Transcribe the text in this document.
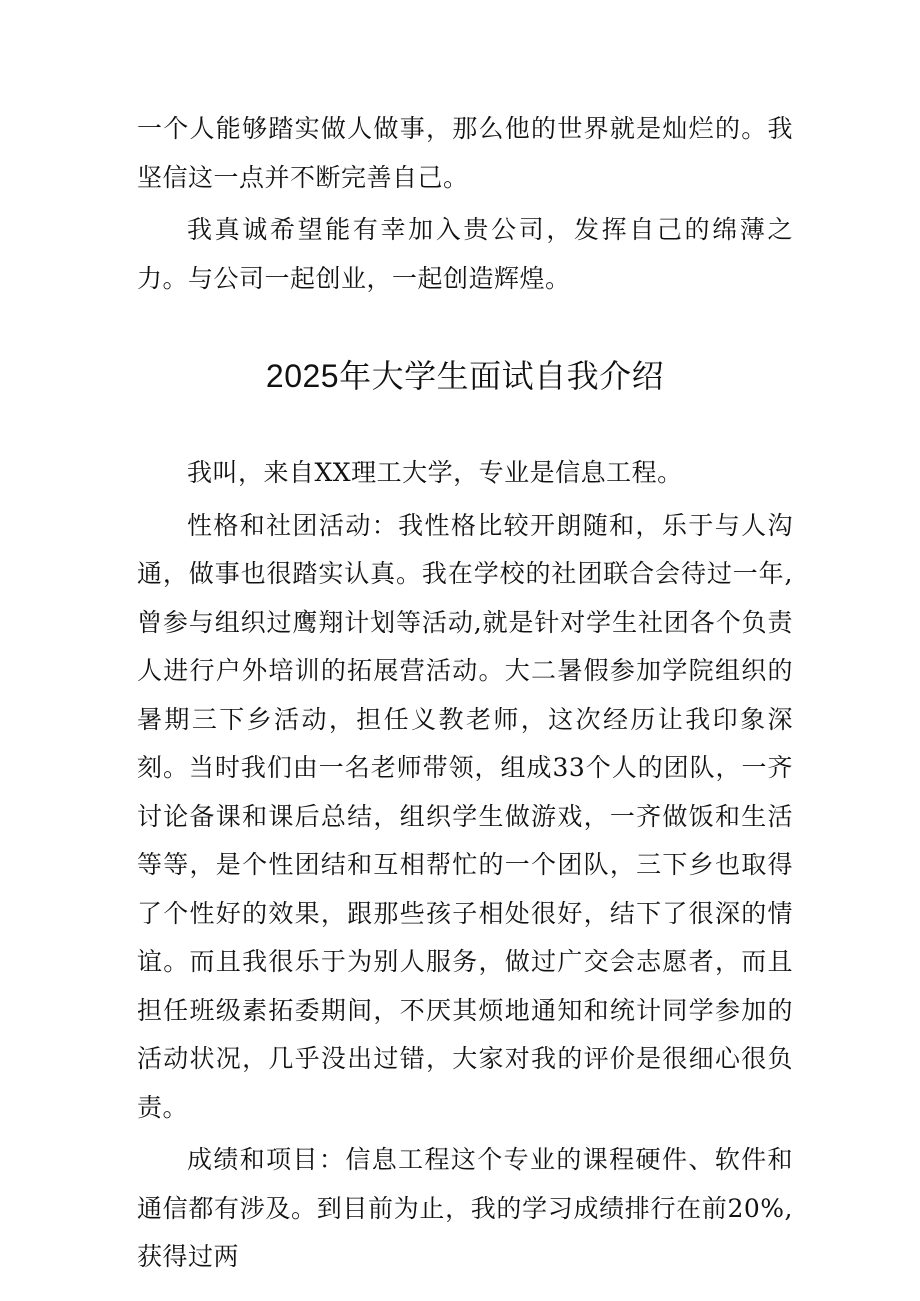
一个人能够踏实做人做事，那么他的世界就是灿烂的。我坚信这一点并不断完善自己。

我真诚希望能有幸加入贵公司，发挥自己的绵薄之力。与公司一起创业，一起创造辉煌。

2025年大学生面试自我介绍

我叫，来自XX理工大学，专业是信息工程。

性格和社团活动：我性格比较开朗随和，乐于与人沟通，做事也很踏实认真。我在学校的社团联合会待过一年,曾参与组织过鹰翔计划等活动,就是针对学生社团各个负责人进行户外培训的拓展营活动。大二暑假参加学院组织的暑期三下乡活动，担任义教老师，这次经历让我印象深刻。当时我们由一名老师带领，组成33个人的团队，一齐讨论备课和课后总结，组织学生做游戏，一齐做饭和生活等等，是个性团结和互相帮忙的一个团队，三下乡也取得了个性好的效果，跟那些孩子相处很好，结下了很深的情谊。而且我很乐于为别人服务，做过广交会志愿者，而且担任班级素拓委期间，不厌其烦地通知和统计同学参加的活动状况，几乎没出过错，大家对我的评价是很细心很负责。

成绩和项目：信息工程这个专业的课程硬件、软件和通信都有涉及。到目前为止，我的学习成绩排行在前20%,获得过两
